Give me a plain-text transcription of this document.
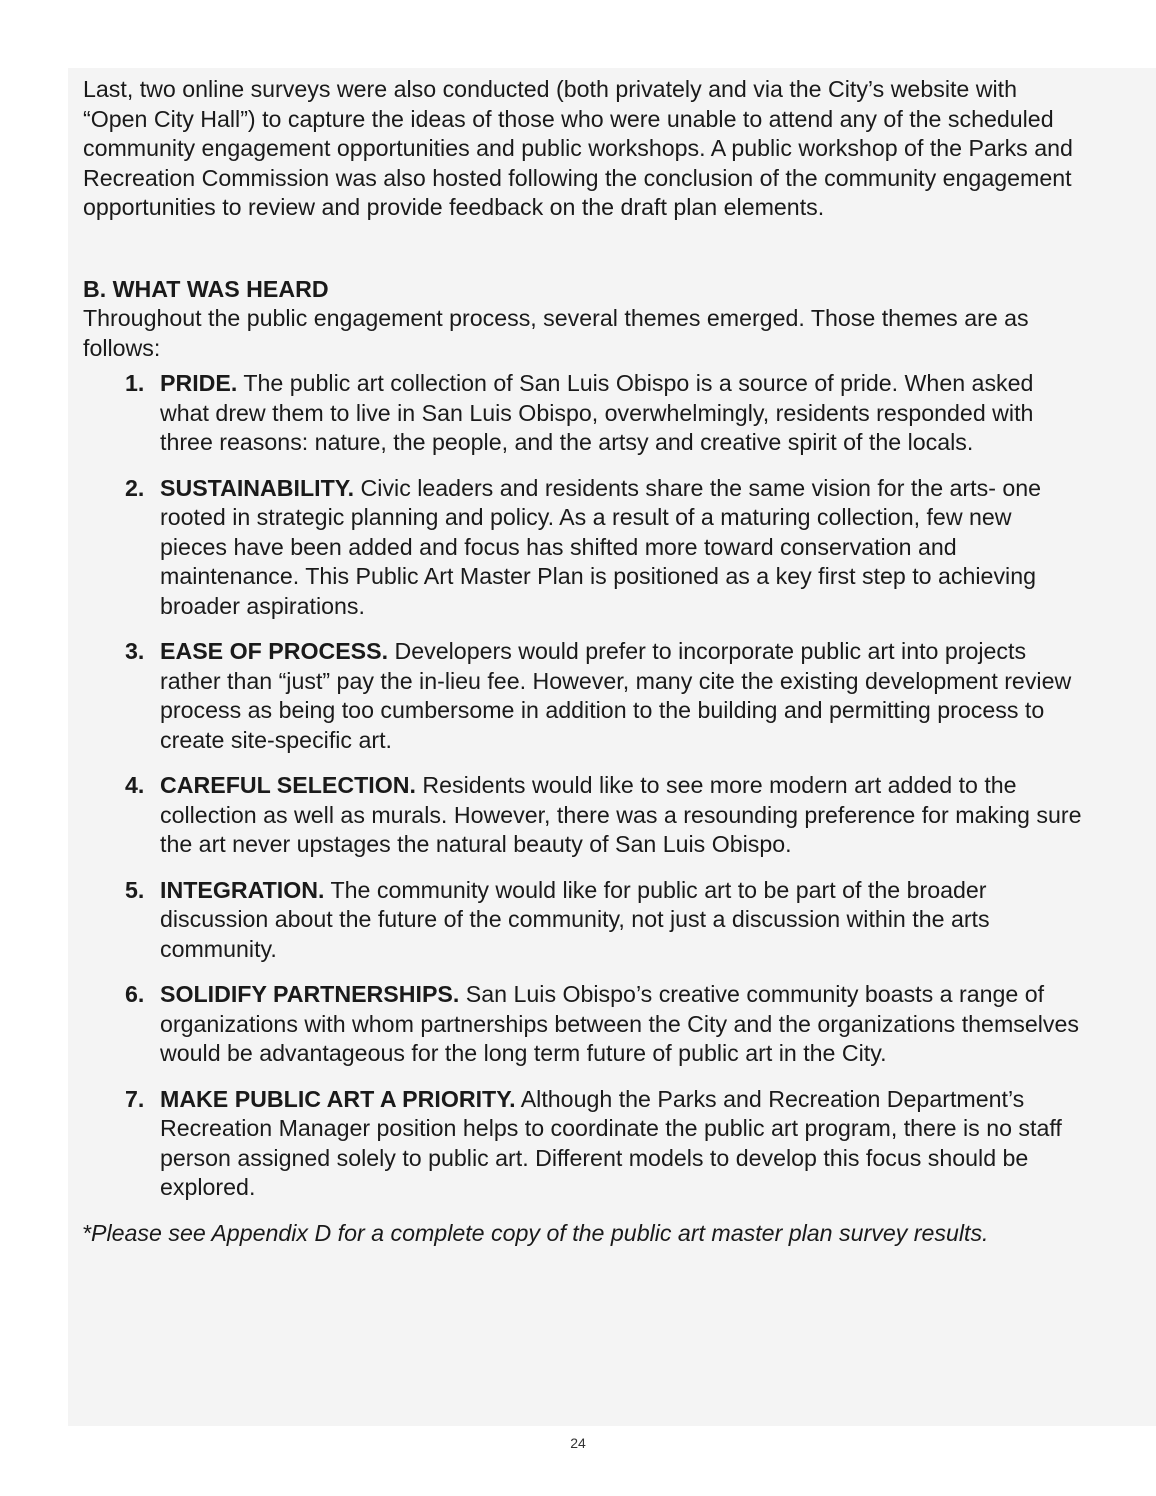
Last, two online surveys were also conducted (both privately and via the City’s website with “Open City Hall”) to capture the ideas of those who were unable to attend any of the scheduled community engagement opportunities and public workshops. A public workshop of the Parks and Recreation Commission was also hosted following the conclusion of the community engagement opportunities to review and provide feedback on the draft plan elements.

B. WHAT WAS HEARD

Throughout the public engagement process, several themes emerged. Those themes are as follows:

1. PRIDE. The public art collection of San Luis Obispo is a source of pride. When asked what drew them to live in San Luis Obispo, overwhelmingly, residents responded with three reasons: nature, the people, and the artsy and creative spirit of the locals.
2. SUSTAINABILITY. Civic leaders and residents share the same vision for the arts- one rooted in strategic planning and policy. As a result of a maturing collection, few new pieces have been added and focus has shifted more toward conservation and maintenance. This Public Art Master Plan is positioned as a key first step to achieving broader aspirations.
3. EASE OF PROCESS. Developers would prefer to incorporate public art into projects rather than “just” pay the in-lieu fee. However, many cite the existing development review process as being too cumbersome in addition to the building and permitting process to create site-specific art.
4. CAREFUL SELECTION. Residents would like to see more modern art added to the collection as well as murals. However, there was a resounding preference for making sure the art never upstages the natural beauty of San Luis Obispo.
5. INTEGRATION. The community would like for public art to be part of the broader discussion about the future of the community, not just a discussion within the arts community.
6. SOLIDIFY PARTNERSHIPS. San Luis Obispo’s creative community boasts a range of organizations with whom partnerships between the City and the organizations themselves would be advantageous for the long term future of public art in the City.
7. MAKE PUBLIC ART A PRIORITY. Although the Parks and Recreation Department’s Recreation Manager position helps to coordinate the public art program, there is no staff person assigned solely to public art. Different models to develop this focus should be explored.

*Please see Appendix D for a complete copy of the public art master plan survey results.

24
